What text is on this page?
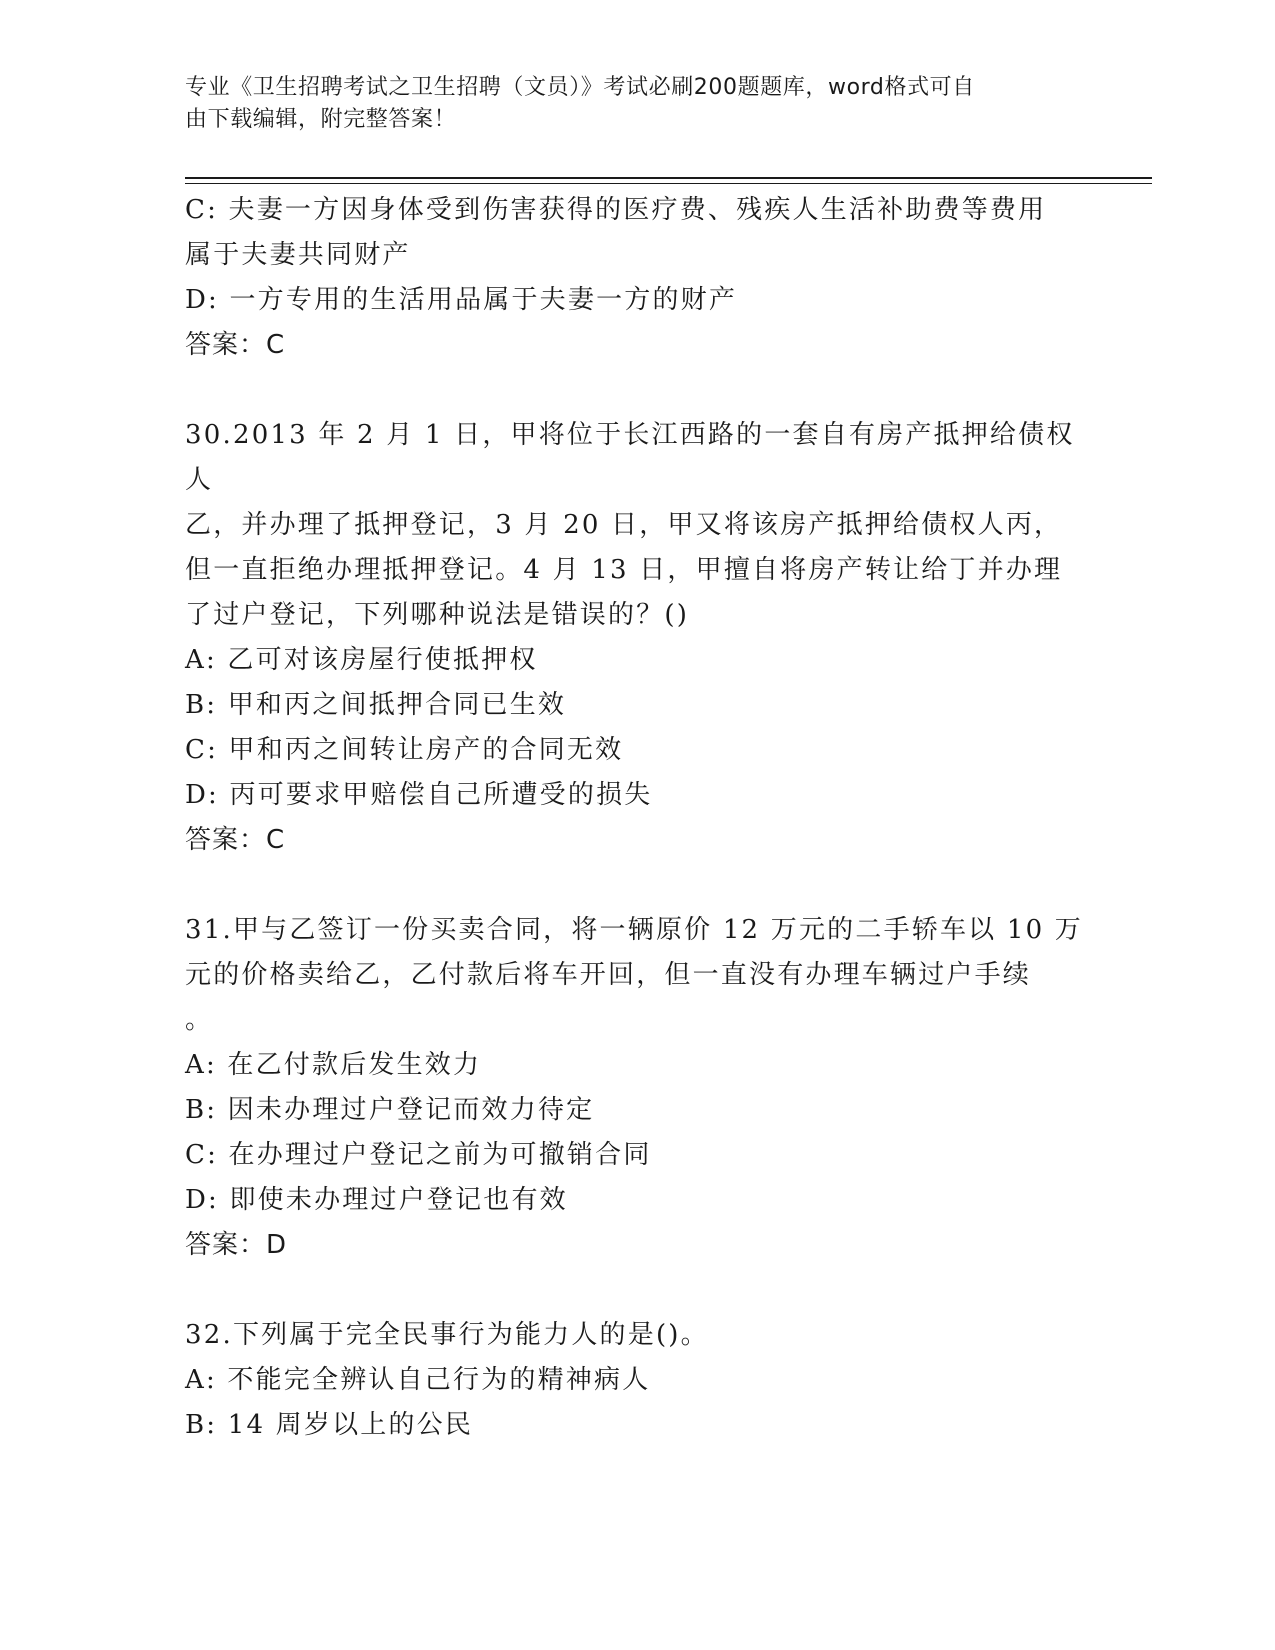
专业《卫生招聘考试之卫生招聘（文员）》考试必刷200题题库，word格式可自
由下载编辑，附完整答案！
C: 夫妻一方因身体受到伤害获得的医疗费、残疾人生活补助费等费用
属于夫妻共同财产
D: 一方专用的生活用品属于夫妻一方的财产
答案：C
30.2013 年 2 月 1 日，甲将位于长江西路的一套自有房产抵押给债权人
乙，并办理了抵押登记，3 月 20 日，甲又将该房产抵押给债权人丙，
但一直拒绝办理抵押登记。4 月 13 日，甲擅自将房产转让给丁并办理
了过户登记，下列哪种说法是错误的？()
A: 乙可对该房屋行使抵押权
B: 甲和丙之间抵押合同已生效
C: 甲和丙之间转让房产的合同无效
D: 丙可要求甲赔偿自己所遭受的损失
答案：C
31.甲与乙签订一份买卖合同，将一辆原价 12 万元的二手轿车以 10 万
元的价格卖给乙，乙付款后将车开回，但一直没有办理车辆过户手续
。
A: 在乙付款后发生效力
B: 因未办理过户登记而效力待定
C: 在办理过户登记之前为可撤销合同
D: 即使未办理过户登记也有效
答案：D
32.下列属于完全民事行为能力人的是()。
A: 不能完全辨认自己行为的精神病人
B: 14 周岁以上的公民
